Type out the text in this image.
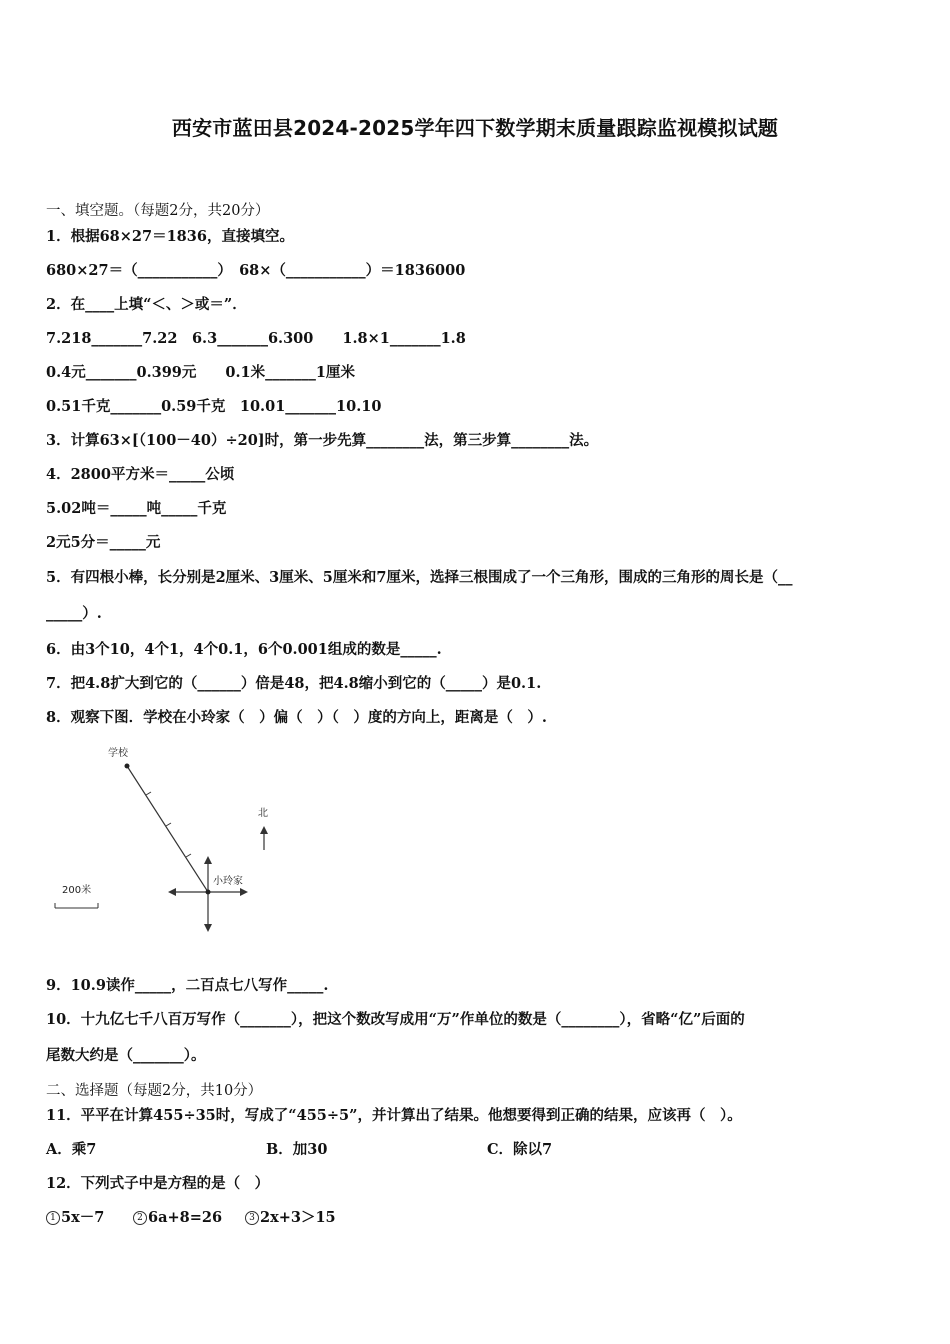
西安市蓝田县2024-2025学年四下数学期末质量跟踪监视模拟试题
一、填空题。（每题2分，共20分）
1．根据68×27＝1836，直接填空。
680×27＝（___________）　68×（___________）＝1836000
2．在____上填“＜、＞或＝”．
7.218_______7.22　6.3_______6.300　　1.8×1_______1.8
0.4元_______0.399元　　0.1米_______1厘米
0.51千克_______0.59千克　10.01_______10.10
3．计算63×[（100－40）÷20]时，第一步先算________法，第三步算________法。
4．2800平方米＝_____公顷
5.02吨＝_____吨_____千克
2元5分＝_____元
5．有四根小棒，长分别是2厘米、3厘米、5厘米和7厘米，选择三根围成了一个三角形，围成的三角形的周长是（__
_____）.
6．由3个10，4个1，4个0.1，6个0.001组成的数是_____.
7．把4.8扩大到它的（______）倍是48，把4.8缩小到它的（_____）是0.1.
8．观察下图．学校在小玲家（　）偏（　）（　）度的方向上，距离是（　）.
学校
小玲家
北
200米
9．10.9读作_____，二百点七八写作_____.
10．十九亿七千八百万写作（_______），把这个数改写成用“万”作单位的数是（________），省略“亿”后面的
尾数大约是（_______）。
二、选择题（每题2分，共10分）
11．平平在计算455÷35时，写成了“455÷5”，并计算出了结果。他想要得到正确的结果，应该再（　）。
A．乘7	B．加30	C．除以7
12．下列式子中是方程的是（　）
1 5x－7	2 6a+8=26	3 2x+3＞15
